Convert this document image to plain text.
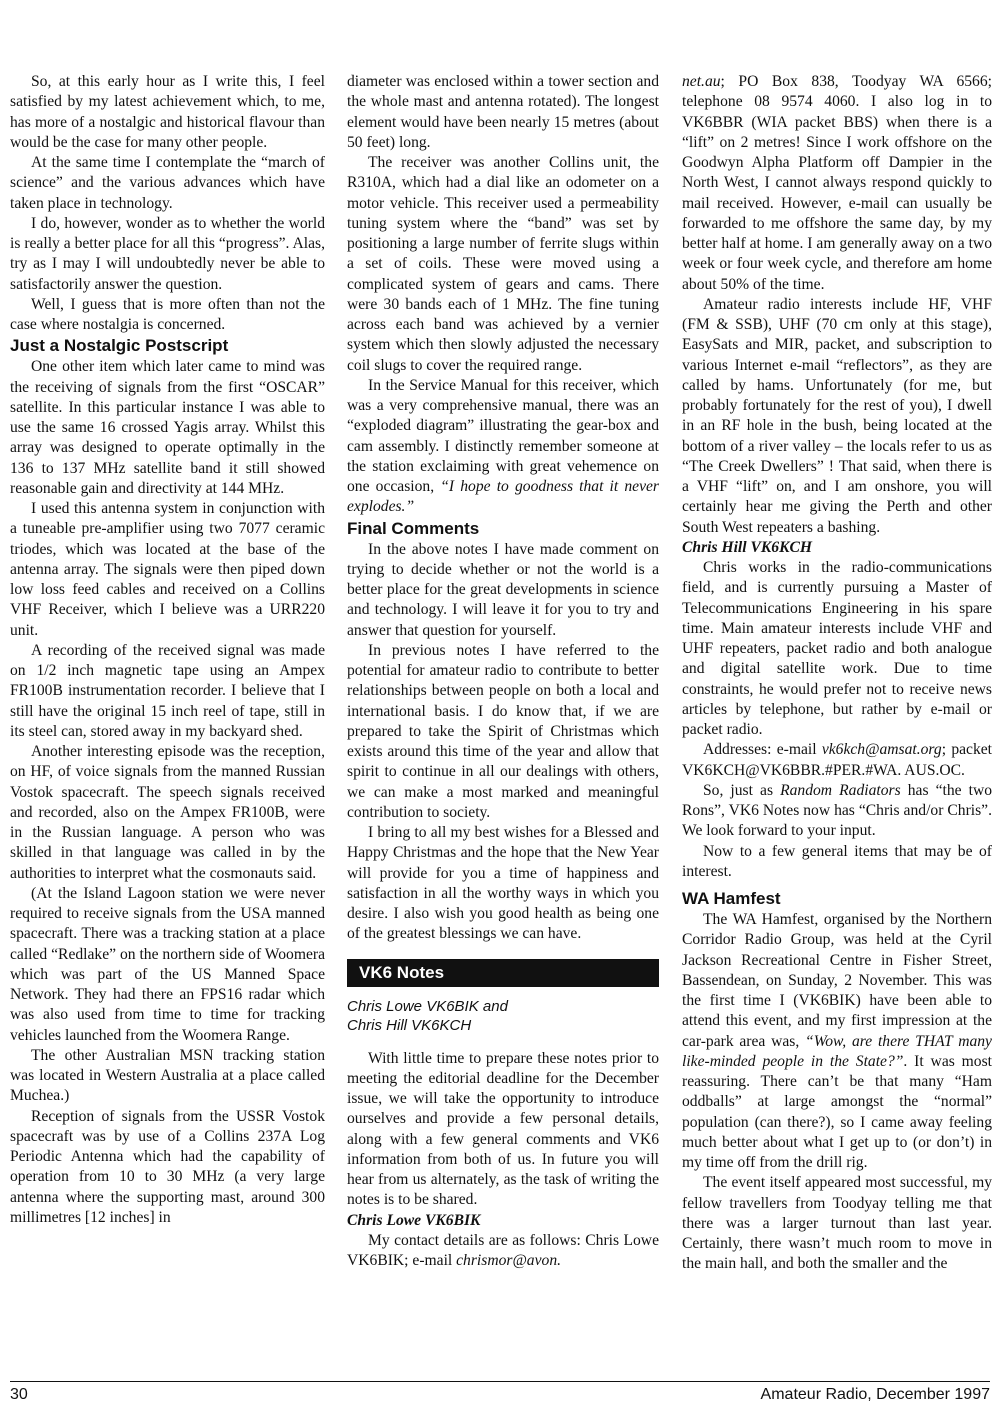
So, at this early hour as I write this, I feel satisfied by my latest achievement which, to me, has more of a nostalgic and historical flavour than would be the case for many other people.

At the same time I contemplate the “march of science” and the various advances which have taken place in technology.

I do, however, wonder as to whether the world is really a better place for all this “progress”. Alas, try as I may I will undoubtedly never be able to satisfactorily answer the question.

Well, I guess that is more often than not the case where nostalgia is concerned.

Just a Nostalgic Postscript

One other item which later came to mind was the receiving of signals from the first “OSCAR” satellite. In this particular instance I was able to use the same 16 crossed Yagis array. Whilst this array was designed to operate optimally in the 136 to 137 MHz satellite band it still showed reasonable gain and directivity at 144 MHz.

I used this antenna system in conjunction with a tuneable pre-amplifier using two 7077 ceramic triodes, which was located at the base of the antenna array. The signals were then piped down low loss feed cables and received on a Collins VHF Receiver, which I believe was a URR220 unit.

A recording of the received signal was made on 1/2 inch magnetic tape using an Ampex FR100B instrumentation recorder. I believe that I still have the original 15 inch reel of tape, still in its steel can, stored away in my backyard shed.

Another interesting episode was the reception, on HF, of voice signals from the manned Russian Vostok spacecraft. The speech signals received and recorded, also on the Ampex FR100B, were in the Russian language. A person who was skilled in that language was called in by the authorities to interpret what the cosmonauts said.

(At the Island Lagoon station we were never required to receive signals from the USA manned spacecraft. There was a tracking station at a place called “Redlake” on the northern side of Woomera which was part of the US Manned Space Network. They had there an FPS16 radar which was also used from time to time for tracking vehicles launched from the Woomera Range.

The other Australian MSN tracking station was located in Western Australia at a place called Muchea.)

Reception of signals from the USSR Vostok spacecraft was by use of a Collins 237A Log Periodic Antenna which had the capability of operation from 10 to 30 MHz (a very large antenna where the supporting mast, around 300 millimetres [12 inches] in

diameter was enclosed within a tower section and the whole mast and antenna rotated). The longest element would have been nearly 15 metres (about 50 feet) long.

The receiver was another Collins unit, the R310A, which had a dial like an odometer on a motor vehicle. This receiver used a permeability tuning system where the “band” was set by positioning a large number of ferrite slugs within a set of coils. These were moved using a complicated system of gears and cams. There were 30 bands each of 1 MHz. The fine tuning across each band was achieved by a vernier system which then slowly adjusted the necessary coil slugs to cover the required range.

In the Service Manual for this receiver, which was a very comprehensive manual, there was an “exploded diagram” illustrating the gear-box and cam assembly. I distinctly remember someone at the station exclaiming with great vehemence on one occasion, “I hope to goodness that it never explodes.”

Final Comments

In the above notes I have made comment on trying to decide whether or not the world is a better place for the great developments in science and technology. I will leave it for you to try and answer that question for yourself.

In previous notes I have referred to the potential for amateur radio to contribute to better relationships between people on both a local and international basis. I do know that, if we are prepared to take the Spirit of Christmas which exists around this time of the year and allow that spirit to continue in all our dealings with others, we can make a most marked and meaningful contribution to society.

I bring to all my best wishes for a Blessed and Happy Christmas and the hope that the New Year will provide for you a time of happiness and satisfaction in all the worthy ways in which you desire. I also wish you good health as being one of the greatest blessings we can have.

VK6 Notes
Chris Lowe VK6BIK and
Chris Hill VK6KCH

With little time to prepare these notes prior to meeting the editorial deadline for the December issue, we will take the opportunity to introduce ourselves and provide a few personal details, along with a few general comments and VK6 information from both of us. In future you will hear from us alternately, as the task of writing the notes is to be shared.

Chris Lowe VK6BIK

My contact details are as follows: Chris Lowe VK6BIK; e-mail chrismor@avon.

net.au; PO Box 838, Toodyay WA 6566; telephone 08 9574 4060. I also log in to VK6BBR (WIA packet BBS) when there is a “lift” on 2 metres! Since I work offshore on the Goodwyn Alpha Platform off Dampier in the North West, I cannot always respond quickly to mail received. However, e-mail can usually be forwarded to me offshore the same day, by my better half at home. I am generally away on a two week or four week cycle, and therefore am home about 50% of the time.

Amateur radio interests include HF, VHF (FM & SSB), UHF (70 cm only at this stage), EasySats and MIR, packet, and subscription to various Internet e-mail “reflectors”, as they are called by hams. Unfortunately (for me, but probably fortunately for the rest of you), I dwell in an RF hole in the bush, being located at the bottom of a river valley – the locals refer to us as “The Creek Dwellers” ! That said, when there is a VHF “lift” on, and I am onshore, you will certainly hear me giving the Perth and other South West repeaters a bashing.

Chris Hill VK6KCH

Chris works in the radio-communications field, and is currently pursuing a Master of Telecommunications Engineering in his spare time. Main amateur interests include VHF and UHF repeaters, packet radio and both analogue and digital satellite work. Due to time constraints, he would prefer not to receive news articles by telephone, but rather by e-mail or packet radio.

Addresses: e-mail vk6kch@amsat.org; packet VK6KCH@VK6BBR.#PER.#WA. AUS.OC.

So, just as Random Radiators has “the two Rons”, VK6 Notes now has “Chris and/or Chris”. We look forward to your input.

Now to a few general items that may be of interest.

WA Hamfest

The WA Hamfest, organised by the Northern Corridor Radio Group, was held at the Cyril Jackson Recreational Centre in Fisher Street, Bassendean, on Sunday, 2 November. This was the first time I (VK6BIK) have been able to attend this event, and my first impression at the car-park area was, “Wow, are there THAT many like-minded people in the State?”. It was most reassuring. There can’t be that many “Ham oddballs” at large amongst the “normal” population (can there?), so I came away feeling much better about what I get up to (or don’t) in my time off from the drill rig.

The event itself appeared most successful, my fellow travellers from Toodyay telling me that there was a larger turnout than last year. Certainly, there wasn’t much room to move in the main hall, and both the smaller and the

30	Amateur Radio, December 1997
